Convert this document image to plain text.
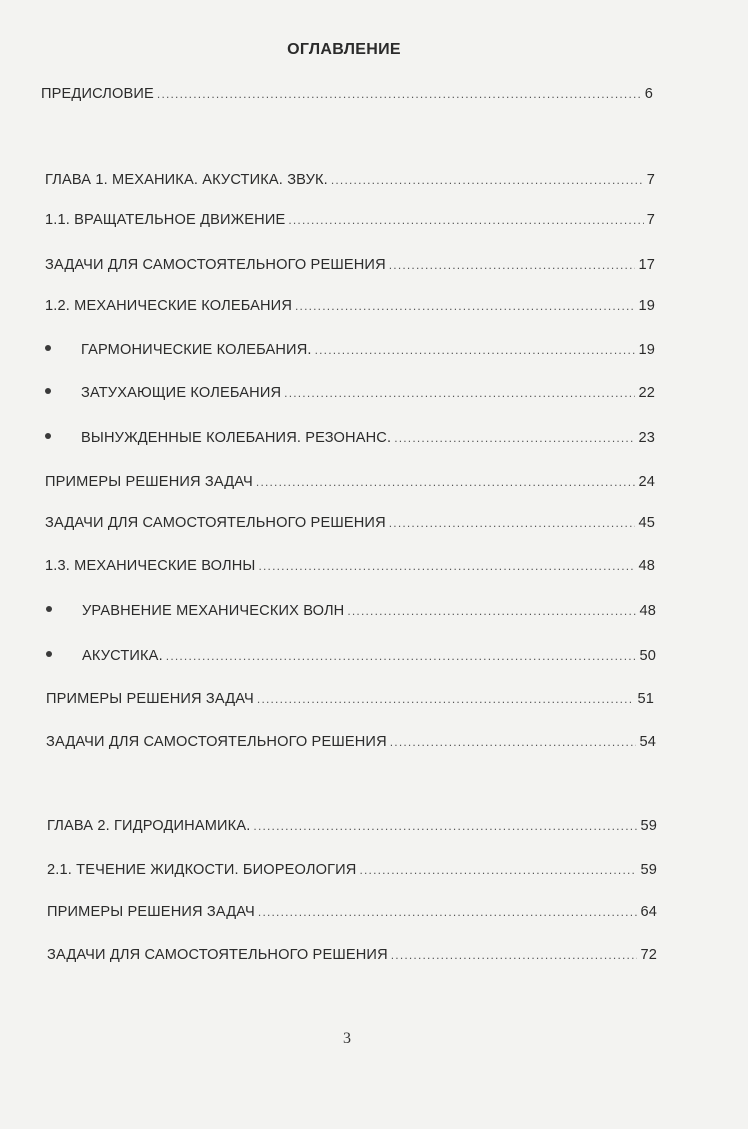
ОГЛАВЛЕНИЕ
ПРЕДИСЛОВИЕ .....	6
ГЛАВА 1. МЕХАНИКА. АКУСТИКА. ЗВУК. .....	7
1.1. ВРАЩАТЕЛЬНОЕ ДВИЖЕНИЕ .....	7
ЗАДАЧИ ДЛЯ САМОСТОЯТЕЛЬНОГО РЕШЕНИЯ .....	17
1.2. МЕХАНИЧЕСКИЕ КОЛЕБАНИЯ .....	19
ГАРМОНИЧЕСКИЕ КОЛЕБАНИЯ. .....	19
ЗАТУХАЮЩИЕ КОЛЕБАНИЯ .....	22
ВЫНУЖДЕННЫЕ КОЛЕБАНИЯ. РЕЗОНАНС. .....	23
ПРИМЕРЫ РЕШЕНИЯ ЗАДАЧ .....	24
ЗАДАЧИ ДЛЯ САМОСТОЯТЕЛЬНОГО РЕШЕНИЯ .....	45
1.3. МЕХАНИЧЕСКИЕ ВОЛНЫ .....	48
УРАВНЕНИЕ МЕХАНИЧЕСКИХ ВОЛН .....	48
АКУСТИКА. .....	50
ПРИМЕРЫ РЕШЕНИЯ ЗАДАЧ .....	51
ЗАДАЧИ ДЛЯ САМОСТОЯТЕЛЬНОГО РЕШЕНИЯ .....	54
ГЛАВА 2. ГИДРОДИНАМИКА. .....	59
2.1. ТЕЧЕНИЕ ЖИДКОСТИ. БИОРЕОЛОГИЯ .....	59
ПРИМЕРЫ РЕШЕНИЯ ЗАДАЧ .....	64
ЗАДАЧИ ДЛЯ САМОСТОЯТЕЛЬНОГО РЕШЕНИЯ .....	72
3
